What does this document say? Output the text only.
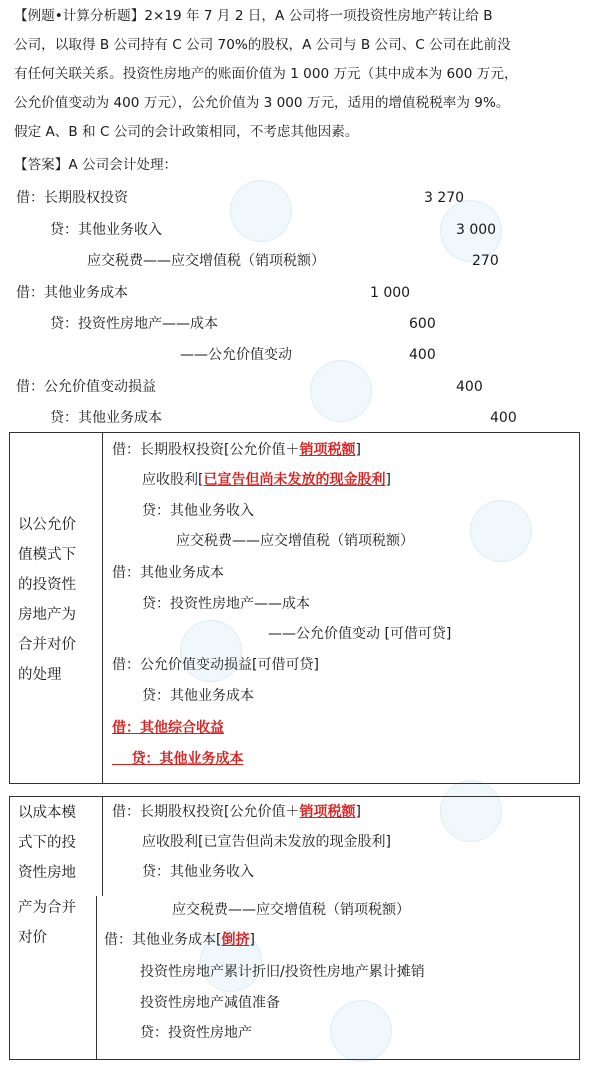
【例题•计算分析题】2×19 年 7 月 2 日，A 公司将一项投资性房地产转让给 B
公司，以取得 B 公司持有 C 公司 70%的股权，A 公司与 B 公司、C 公司在此前没
有任何关联关系。投资性房地产的账面价值为 1 000 万元（其中成本为 600 万元，
公允价值变动为 400 万元），公允价值为 3 000 万元，适用的增值税税率为 9%。
假定 A、B 和 C 公司的会计政策相同，不考虑其他因素。
【答案】A 公司会计处理：
借：长期股权投资	3 270
贷：其他业务收入	3 000
应交税费——应交增值税（销项税额）	270
借：其他业务成本	1 000
贷：投资性房地产——成本	600
——公允价值变动	400
借：公允价值变动损益	400
贷：其他业务成本	400
以公允价
值模式下
的投资性
房地产为
合并对价
的处理
借：长期股权投资[公允价值＋销项税额]
应收股利[已宣告但尚未发放的现金股利]
贷：其他业务收入
应交税费——应交增值税（销项税额）
借：其他业务成本
贷：投资性房地产——成本
——公允价值变动 [可借可贷]
借：公允价值变动损益[可借可贷]
贷：其他业务成本
借：其他综合收益
贷：其他业务成本
以成本模
式下的投
资性房地
产为合并
对价
借：长期股权投资[公允价值＋销项税额]
应收股利[已宣告但尚未发放的现金股利]
贷：其他业务收入
应交税费——应交增值税（销项税额）
借：其他业务成本[倒挤]
投资性房地产累计折旧/投资性房地产累计摊销
投资性房地产减值准备
贷：投资性房地产
